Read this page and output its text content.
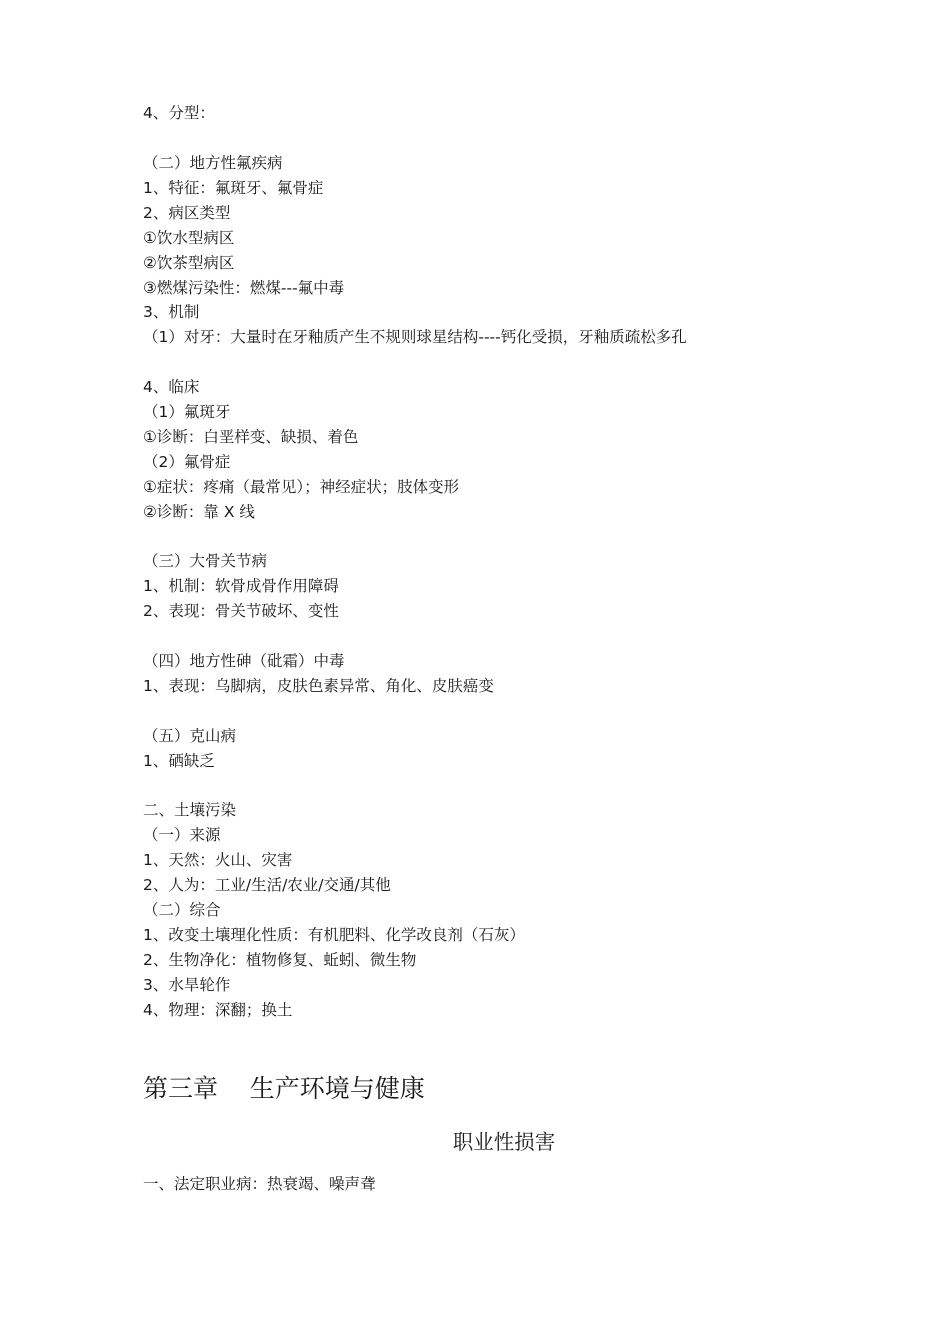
4、分型：
（二）地方性氟疾病
1、特征：氟斑牙、氟骨症
2、病区类型
①饮水型病区
②饮茶型病区
③燃煤污染性：燃煤---氟中毒
3、机制
（1）对牙：大量时在牙釉质产生不规则球星结构----钙化受损，牙釉质疏松多孔
4、临床
（1）氟斑牙
①诊断：白垩样变、缺损、着色
（2）氟骨症
①症状：疼痛（最常见）；神经症状；肢体变形
②诊断：靠 X 线
（三）大骨关节病
1、机制：软骨成骨作用障碍
2、表现：骨关节破坏、变性
（四）地方性砷（砒霜）中毒
1、表现：乌脚病，皮肤色素异常、角化、皮肤癌变
（五）克山病
1、硒缺乏
二、土壤污染
（一）来源
1、天然：火山、灾害
2、人为：工业/生活/农业/交通/其他
（二）综合
1、改变土壤理化性质：有机肥料、化学改良剂（石灰）
2、生物净化：植物修复、蚯蚓、微生物
3、水旱轮作
4、物理：深翻；换土
第三章    生产环境与健康
职业性损害
一、法定职业病：热衰竭、噪声聋
